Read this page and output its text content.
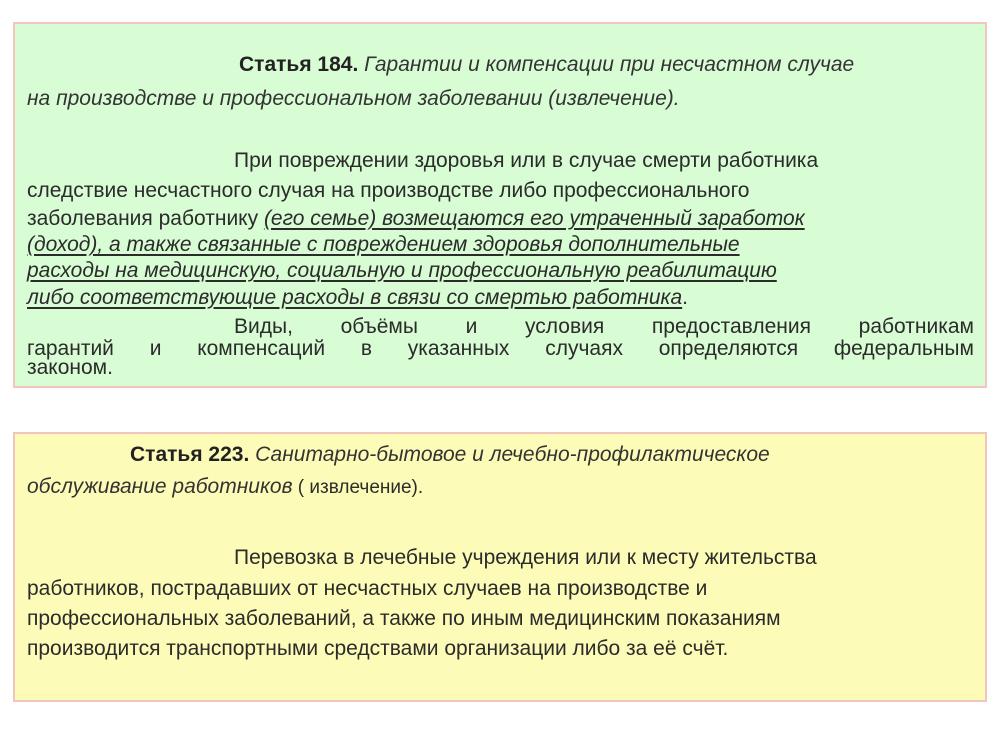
Статья 184. Гарантии и компенсации при несчастном случае
на производстве и профессиональном заболевании (извлечение).
При повреждении здоровья или в случае смерти работника
следствие несчастного случая на производстве либо профессионального
заболевания работнику (его семье) возмещаются его утраченный заработок
(доход), а также связанные с повреждением здоровья дополнительные
расходы на медицинскую, социальную и профессиональную реабилитацию
либо соответствующие расходы в связи со смертью работника.
Виды, объёмы и условия предоставления работникам
гарантий и компенсаций в указанных случаях определяются федеральным
законом.
Статья 223. Санитарно-бытовое и лечебно-профилактическое
обслуживание работников ( извлечение).
Перевозка в лечебные учреждения или к месту жительства
работников, пострадавших от несчастных случаев на производстве и
профессиональных заболеваний, а также по иным медицинским показаниям
производится транспортными средствами организации либо за её счёт.
